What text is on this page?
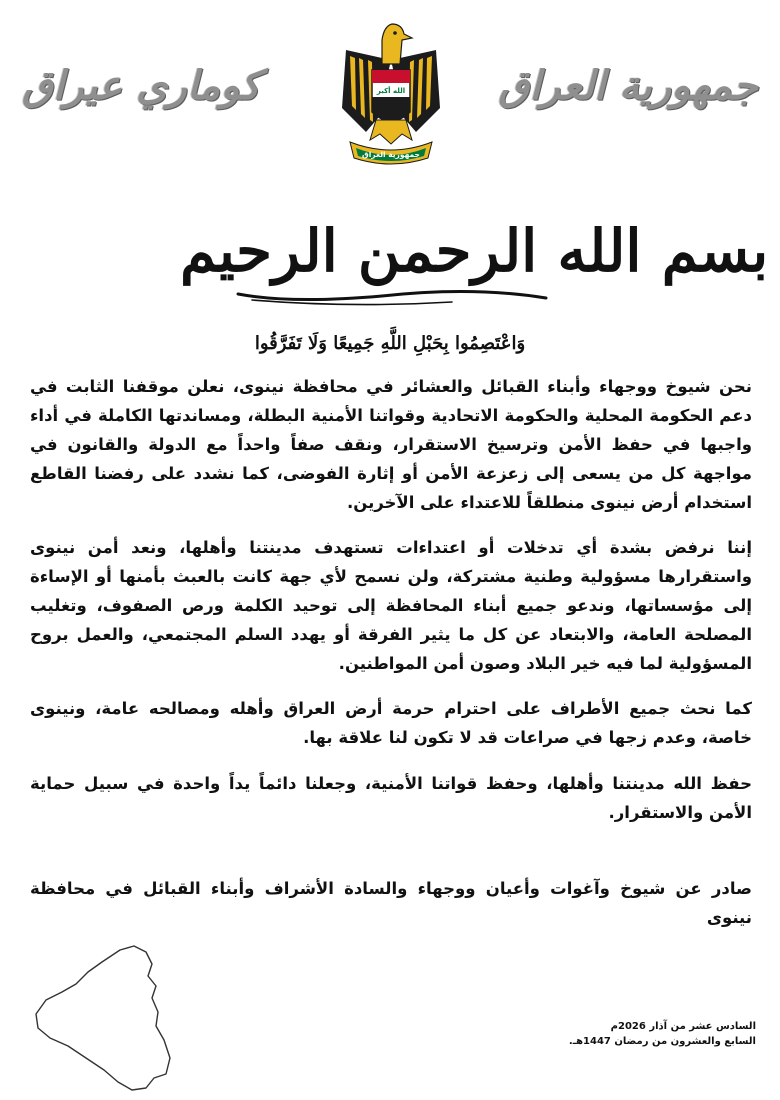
كوماري عيراق	جمهورية العراق
الله أكبر
جمهورية العراق
بسم الله الرحمن الرحيم
وَاعْتَصِمُوا بِحَبْلِ اللَّهِ جَمِيعًا وَلَا تَفَرَّقُوا

نحن شيوخ ووجهاء وأبناء القبائل والعشائر في محافظة نينوى، نعلن موقفنا الثابت في دعم الحكومة المحلية والحكومة الاتحادية وقواتنا الأمنية البطلة، ومساندتها الكاملة في أداء واجبها في حفظ الأمن وترسيخ الاستقرار، ونقف صفاً واحداً مع الدولة والقانون في مواجهة كل من يسعى إلى زعزعة الأمن أو إثارة الفوضى، كما نشدد على رفضنا القاطع استخدام أرض نينوى منطلقاً للاعتداء على الآخرين.

إننا نرفض بشدة أي تدخلات أو اعتداءات تستهدف مدينتنا وأهلها، ونعد أمن نينوى واستقرارها مسؤولية وطنية مشتركة، ولن نسمح لأي جهة كانت بالعبث بأمنها أو الإساءة إلى مؤسساتها، وندعو جميع أبناء المحافظة إلى توحيد الكلمة ورص الصفوف، وتغليب المصلحة العامة، والابتعاد عن كل ما يثير الفرقة أو يهدد السلم المجتمعي، والعمل بروح المسؤولية لما فيه خير البلاد وصون أمن المواطنين.

كما نحث جميع الأطراف على احترام حرمة أرض العراق وأهله ومصالحه عامة، ونينوى خاصة، وعدم زجها في صراعات قد لا تكون لنا علاقة بها.

حفظ الله مدينتنا وأهلها، وحفظ قواتنا الأمنية، وجعلنا دائماً يداً واحدة في سبيل حماية الأمن والاستقرار.

صادر عن شيوخ وآغوات وأعيان ووجهاء والسادة الأشراف وأبناء القبائل في محافظة نينوى

السادس عشر من آذار 2026م
السابع والعشرون من رمضان 1447هـ.
